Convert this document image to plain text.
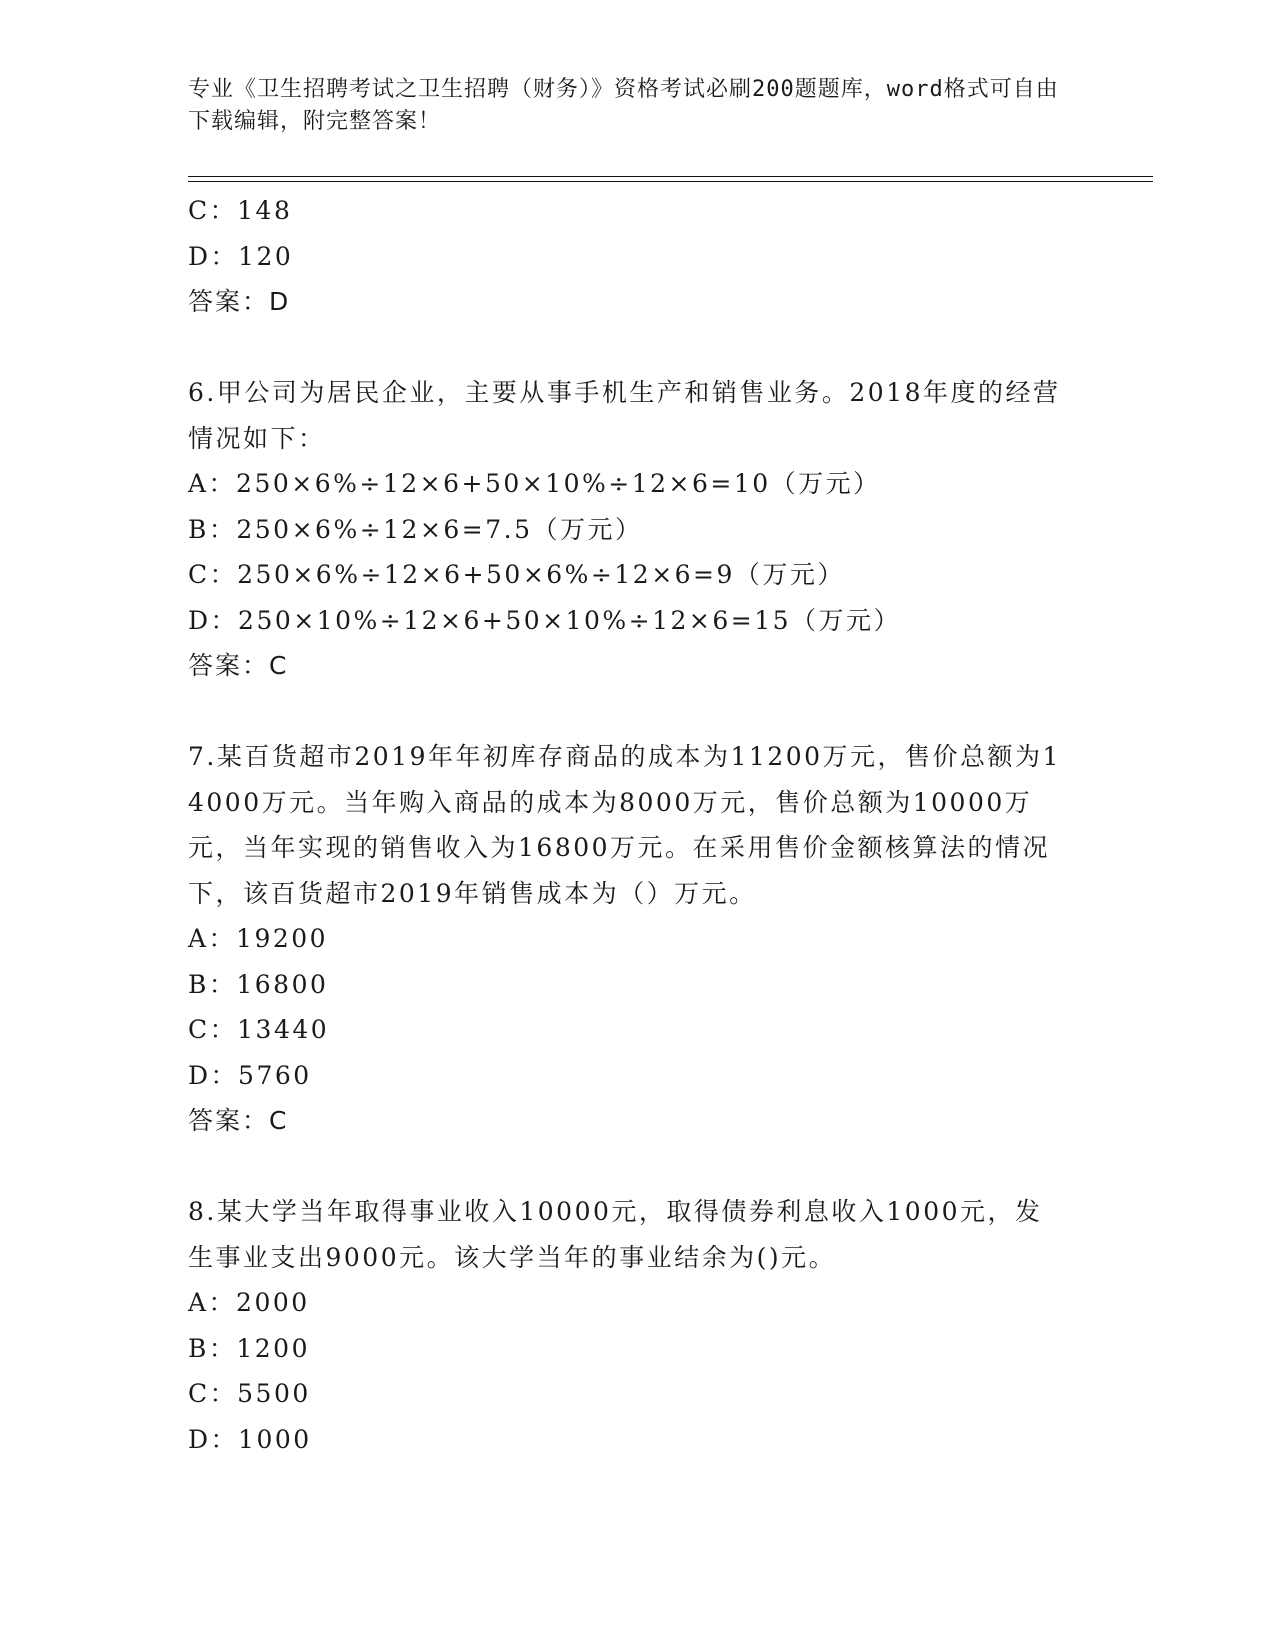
专业《卫生招聘考试之卫生招聘（财务）》资格考试必刷200题题库，word格式可自由下载编辑，附完整答案！
C：148
D：120
答案：D
6.甲公司为居民企业，主要从事手机生产和销售业务。2018年度的经营情况如下：
A：250×6%÷12×6+50×10%÷12×6=10（万元）
B：250×6%÷12×6=7.5（万元）
C：250×6%÷12×6+50×6%÷12×6=9（万元）
D：250×10%÷12×6+50×10%÷12×6=15（万元）
答案：C
7.某百货超市2019年年初库存商品的成本为11200万元，售价总额为14000万元。当年购入商品的成本为8000万元，售价总额为10000万元，当年实现的销售收入为16800万元。在采用售价金额核算法的情况下，该百货超市2019年销售成本为（）万元。
A：19200
B：16800
C：13440
D：5760
答案：C
8.某大学当年取得事业收入10000元，取得债券利息收入1000元，发生事业支出9000元。该大学当年的事业结余为()元。
A：2000
B：1200
C：5500
D：1000
